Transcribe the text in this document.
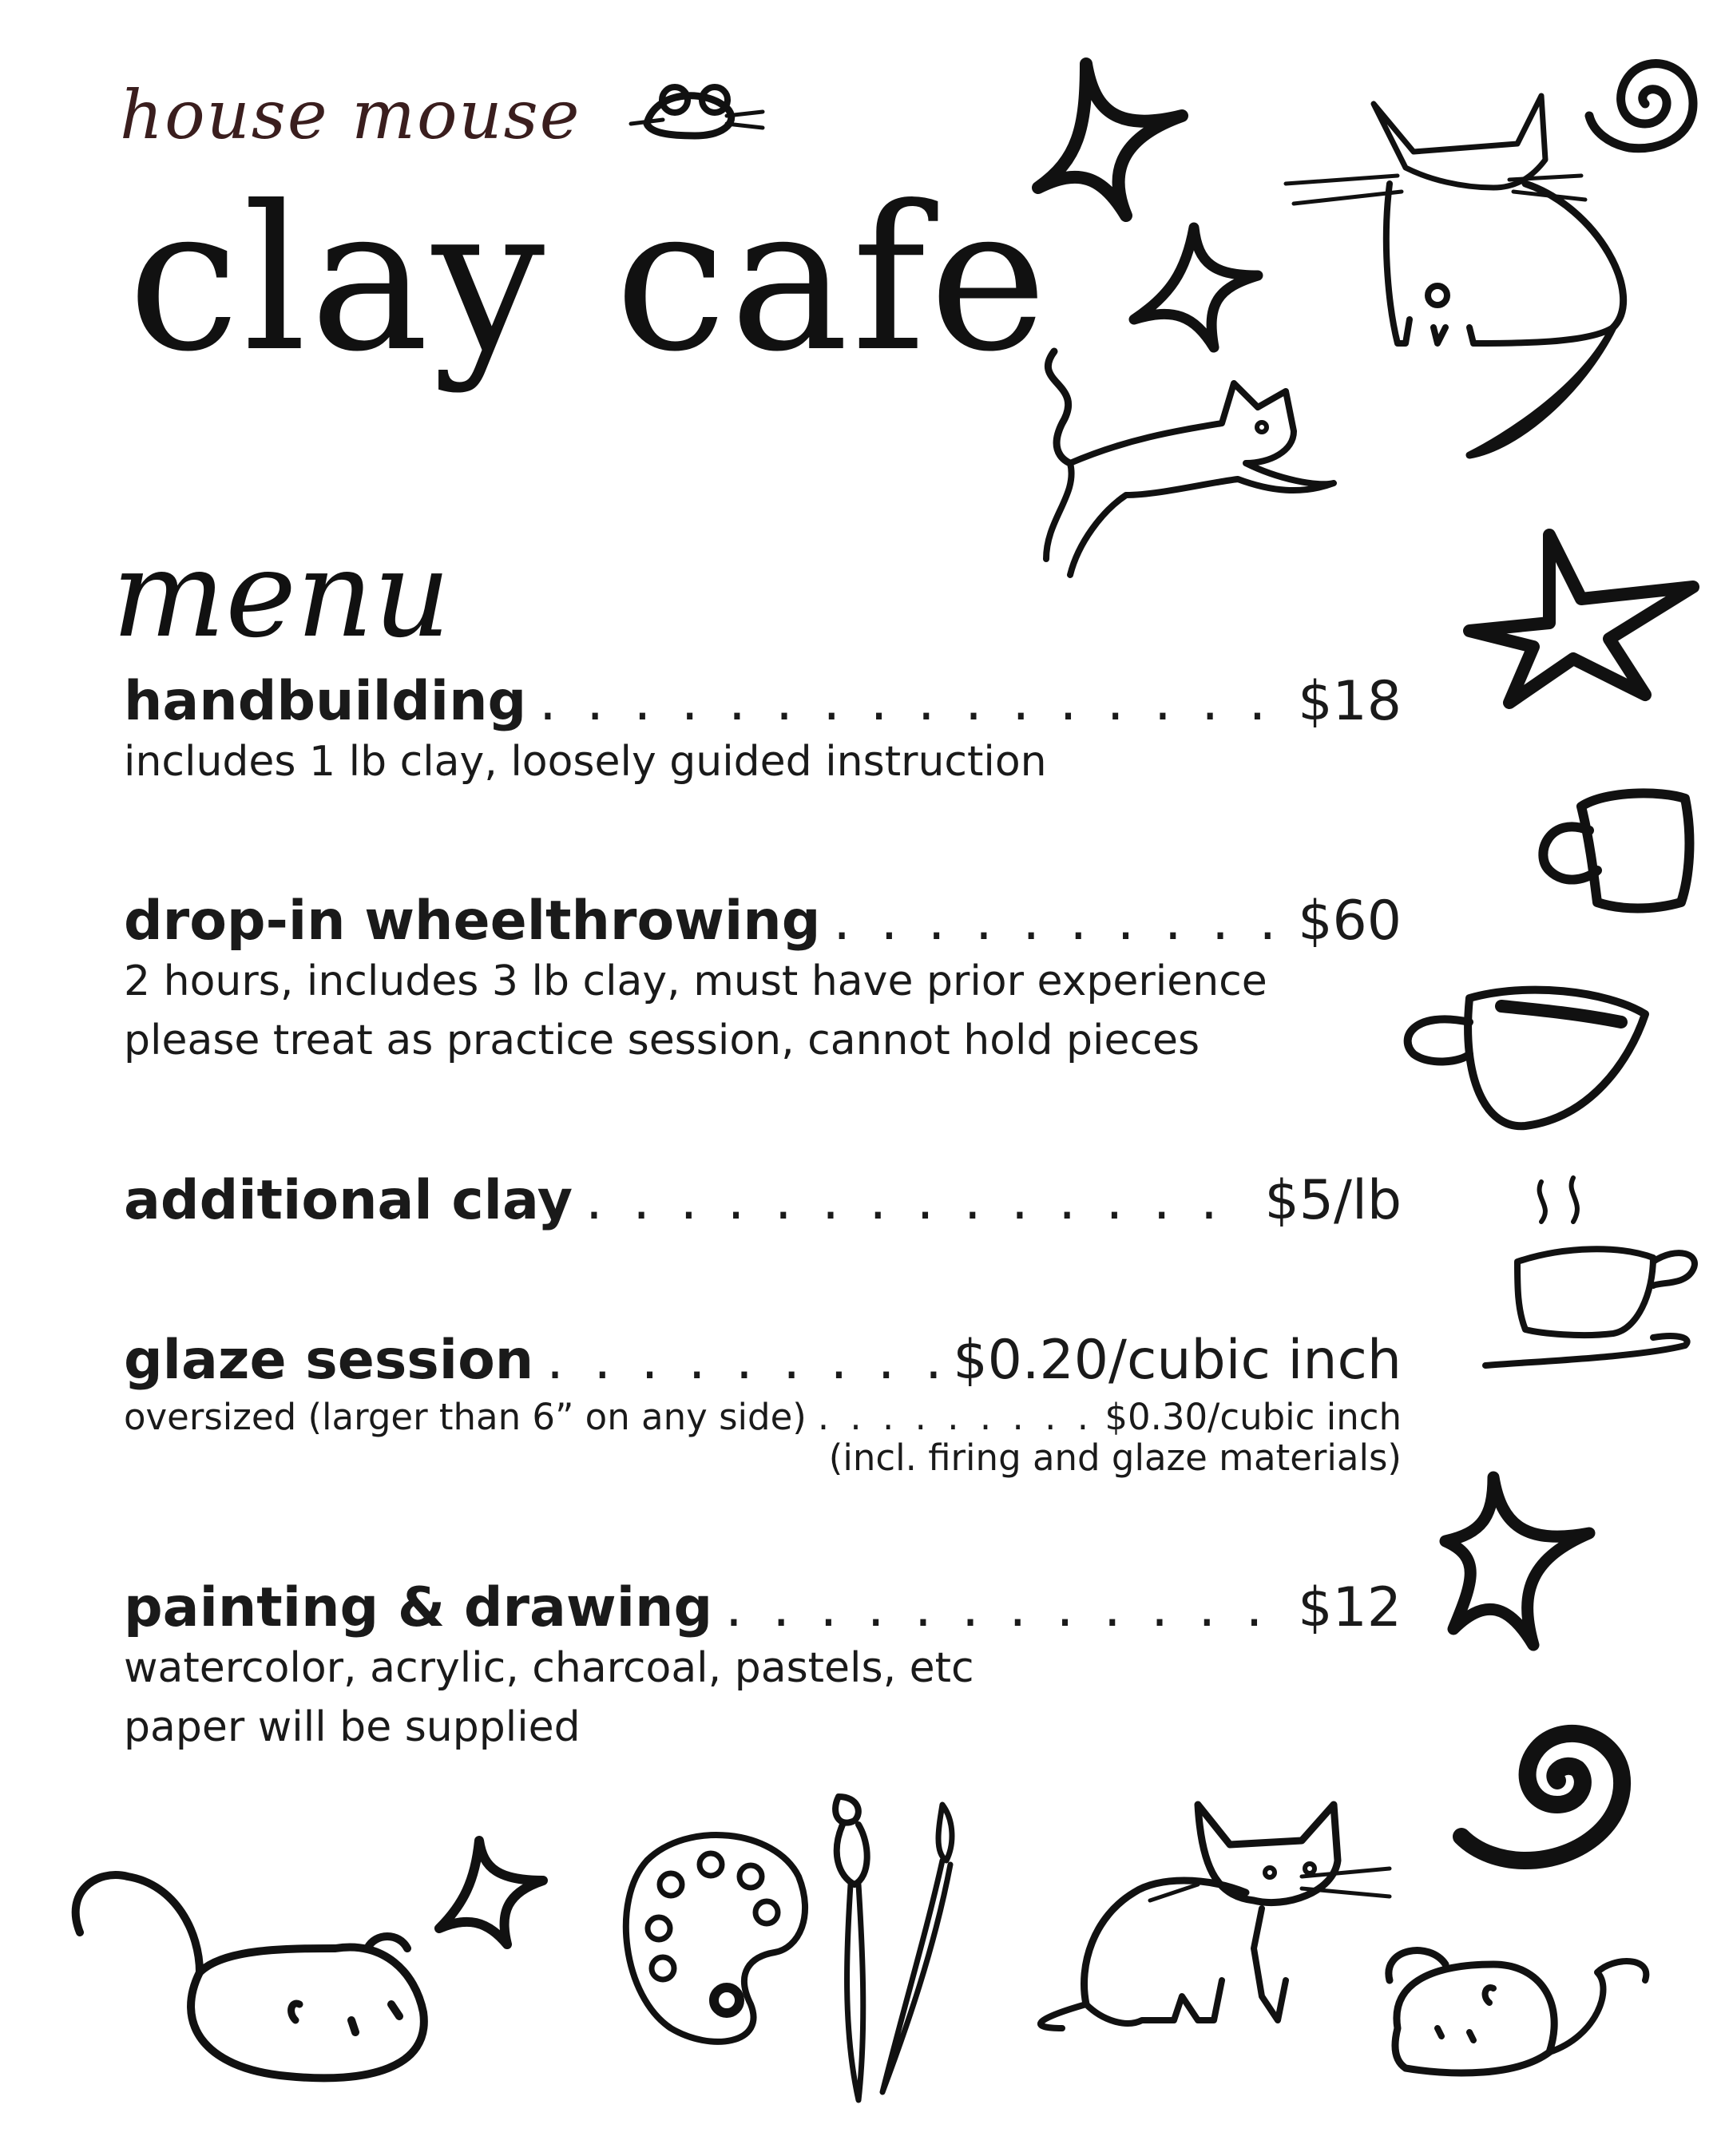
house mouse
clay cafe
menu
handbuilding . . .	$18
includes 1 lb clay, loosely guided instruction
drop-in wheelthrowing . . .	$60
2 hours, includes 3 lb clay, must have prior experience
please treat as practice session, cannot hold pieces
additional clay . . .	$5/lb
glaze session . . .	$0.20/cubic inch
oversized (larger than 6” on any side) . . .	$0.30/cubic inch
(incl. firing and glaze materials)
painting & drawing . . .	$12
watercolor, acrylic, charcoal, pastels, etc
paper will be supplied
